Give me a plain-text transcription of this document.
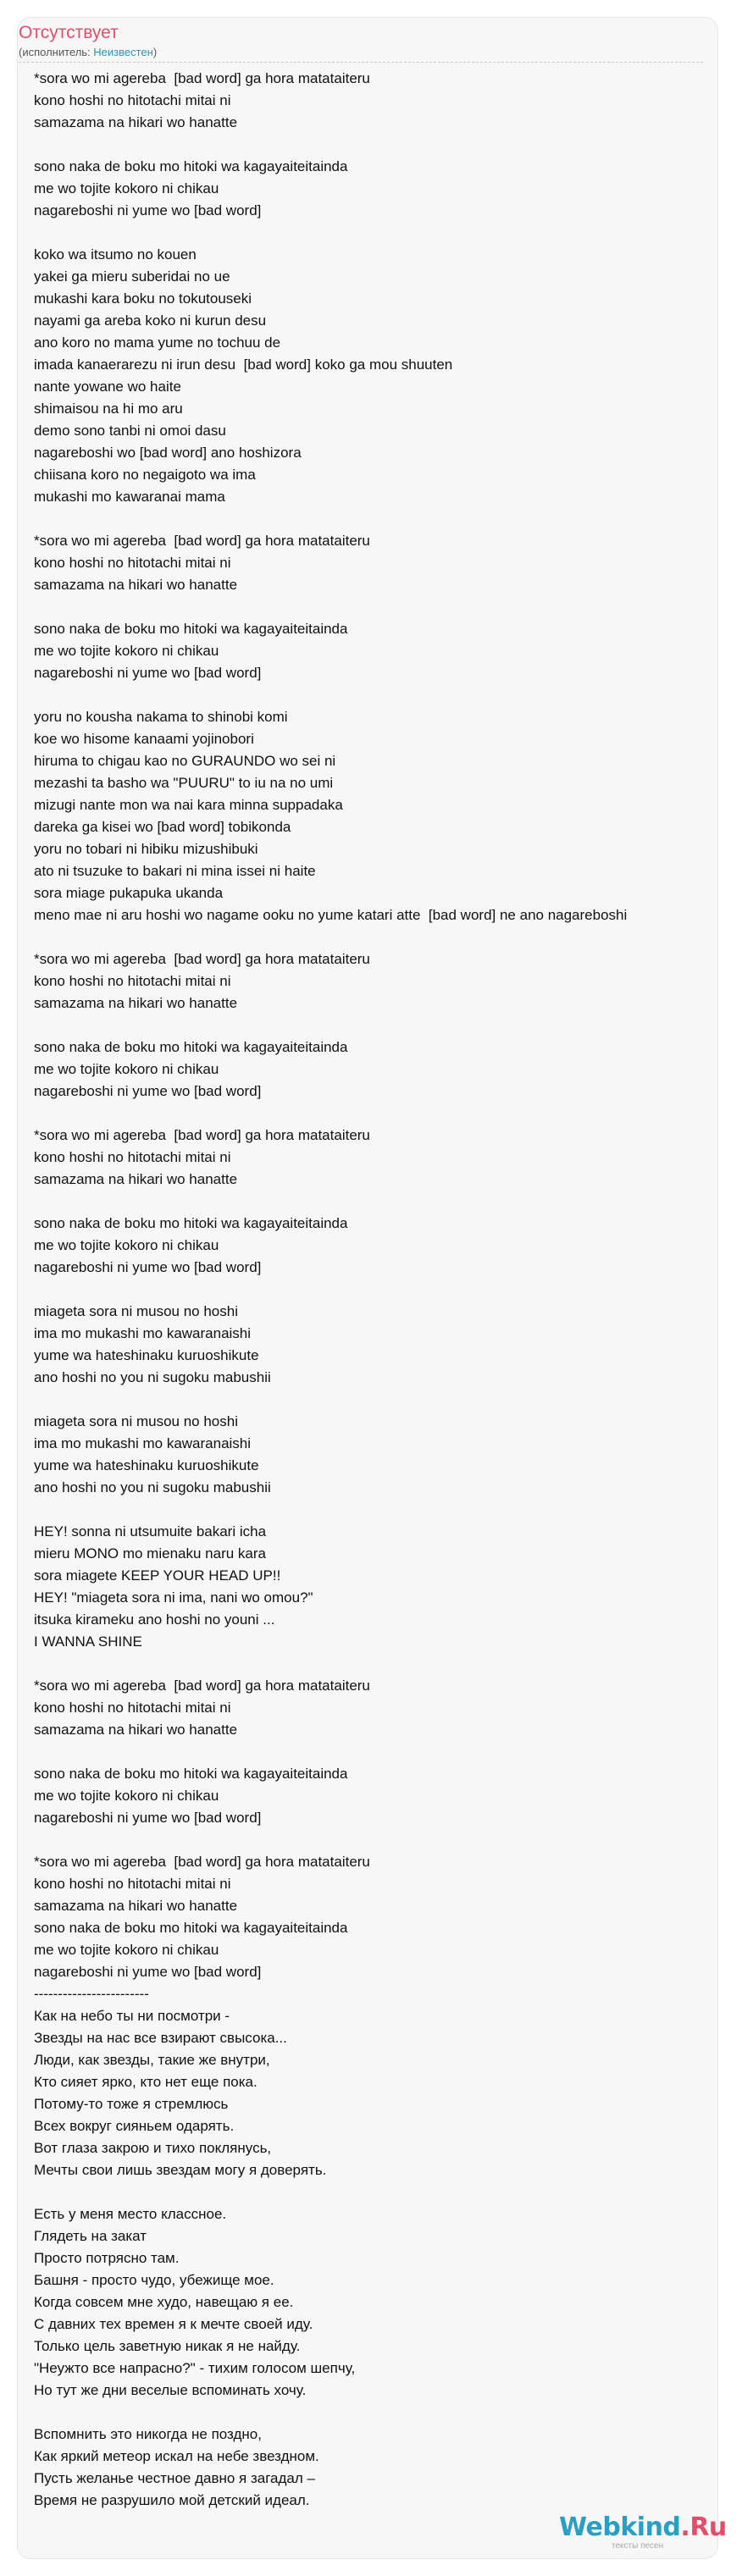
Отсутствует
(исполнитель: Неизвестен)
*sora wo mi agereba  [bad word] ga hora matataiteru
kono hoshi no hitotachi mitai ni
samazama na hikari wo hanatte

sono naka de boku mo hitoki wa kagayaiteitainda
me wo tojite kokoro ni chikau
nagareboshi ni yume wo [bad word]

koko wa itsumo no kouen
yakei ga mieru suberidai no ue
mukashi kara boku no tokutouseki
nayami ga areba koko ni kurun desu
ano koro no mama yume no tochuu de
imada kanaerarezu ni irun desu  [bad word] koko ga mou shuuten
nante yowane wo haite
shimaisou na hi mo aru
demo sono tanbi ni omoi dasu
nagareboshi wo [bad word] ano hoshizora
chiisana koro no negaigoto wa ima
mukashi mo kawaranai mama

*sora wo mi agereba  [bad word] ga hora matataiteru
kono hoshi no hitotachi mitai ni
samazama na hikari wo hanatte

sono naka de boku mo hitoki wa kagayaiteitainda
me wo tojite kokoro ni chikau
nagareboshi ni yume wo [bad word]

yoru no kousha nakama to shinobi komi
koe wo hisome kanaami yojinobori
hiruma to chigau kao no GURAUNDO wo sei ni
mezashi ta basho wa "PUURU" to iu na no umi
mizugi nante mon wa nai kara minna suppadaka
dareka ga kisei wo [bad word] tobikonda
yoru no tobari ni hibiku mizushibuki
ato ni tsuzuke to bakari ni mina issei ni haite
sora miage pukapuka ukanda
meno mae ni aru hoshi wo nagame ooku no yume katari atte  [bad word] ne ano nagareboshi

*sora wo mi agereba  [bad word] ga hora matataiteru
kono hoshi no hitotachi mitai ni
samazama na hikari wo hanatte

sono naka de boku mo hitoki wa kagayaiteitainda
me wo tojite kokoro ni chikau
nagareboshi ni yume wo [bad word]

*sora wo mi agereba  [bad word] ga hora matataiteru
kono hoshi no hitotachi mitai ni
samazama na hikari wo hanatte

sono naka de boku mo hitoki wa kagayaiteitainda
me wo tojite kokoro ni chikau
nagareboshi ni yume wo [bad word]

miageta sora ni musou no hoshi
ima mo mukashi mo kawaranaishi
yume wa hateshinaku kuruoshikute
ano hoshi no you ni sugoku mabushii

miageta sora ni musou no hoshi
ima mo mukashi mo kawaranaishi
yume wa hateshinaku kuruoshikute
ano hoshi no you ni sugoku mabushii

HEY! sonna ni utsumuite bakari icha
mieru MONO mo mienaku naru kara
sora miagete KEEP YOUR HEAD UP!!
HEY! "miageta sora ni ima, nani wo omou?"
itsuka kirameku ano hoshi no youni ...
I WANNA SHINE

*sora wo mi agereba  [bad word] ga hora matataiteru
kono hoshi no hitotachi mitai ni
samazama na hikari wo hanatte

sono naka de boku mo hitoki wa kagayaiteitainda
me wo tojite kokoro ni chikau
nagareboshi ni yume wo [bad word]

*sora wo mi agereba  [bad word] ga hora matataiteru
kono hoshi no hitotachi mitai ni
samazama na hikari wo hanatte
sono naka de boku mo hitoki wa kagayaiteitainda
me wo tojite kokoro ni chikau
nagareboshi ni yume wo [bad word]
------------------------
Как на небо ты ни посмотри -
Звезды на нас все взирают свысока...
Люди, как звезды, такие же внутри,
Кто сияет ярко, кто нет еще пока.
Потому-то тоже я стремлюсь
Всех вокруг сияньем одарять.
Вот глаза закрою и тихо поклянусь,
Мечты свои лишь звездам могу я доверять.

Есть у меня место классное.
Глядеть на закат
Просто потрясно там.
Башня - просто чудо, убежище мое.
Когда совсем мне худо, навещаю я ее.
С давних тех времен я к мечте своей иду.
Только цель заветную никак я не найду.
"Неужто все напрасно?" - тихим голосом шепчу,
Но тут же дни веселые вспоминать хочу.

Вспомнить это никогда не поздно,
Как яркий метеор искал на небе звездном.
Пусть желанье честное давно я загадал –
Время не разрушило мой детский идеал.

Webkind.Ru
тексты песен
